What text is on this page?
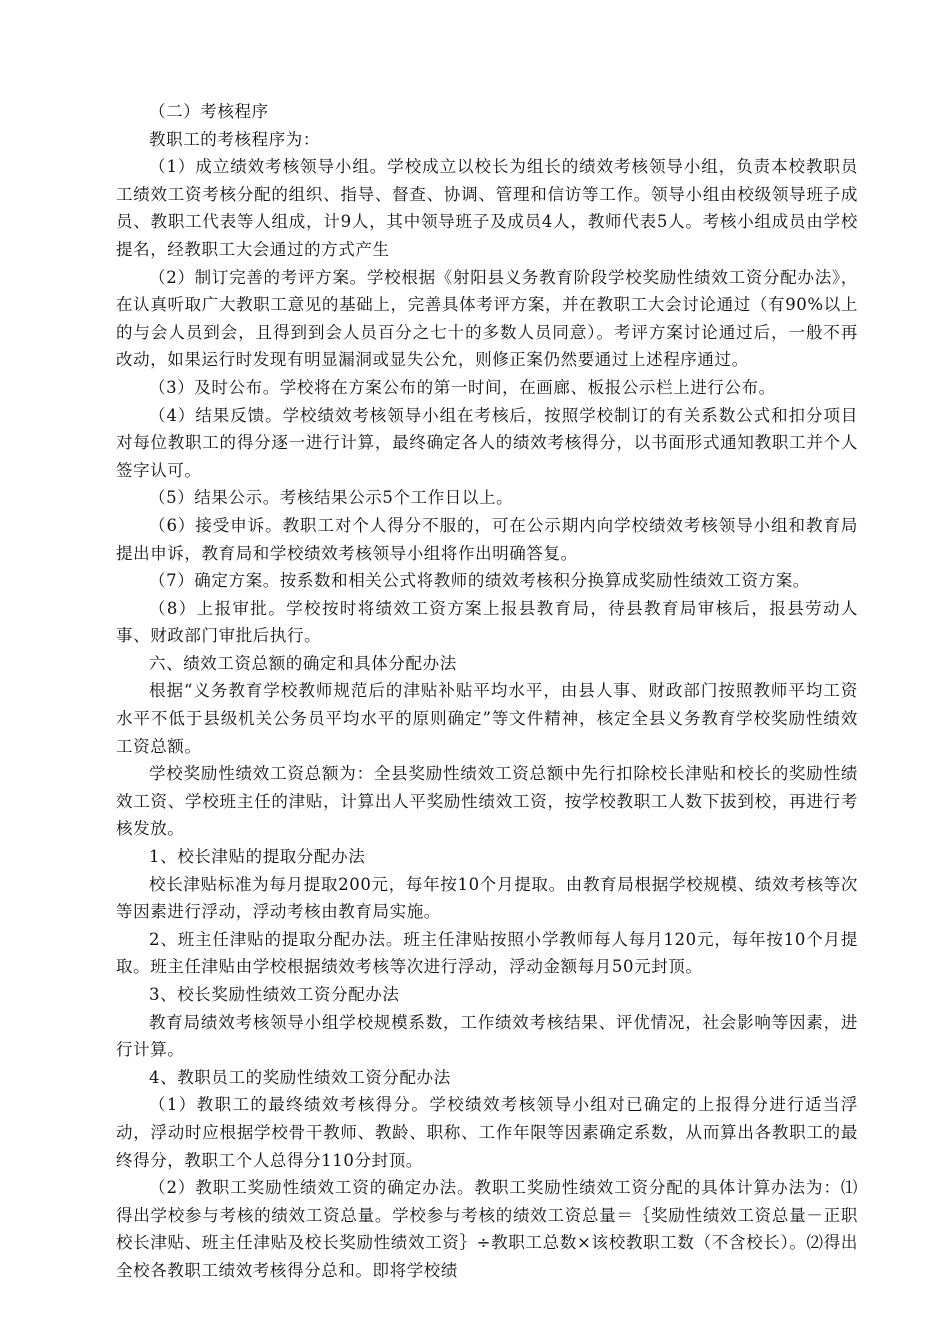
（二）考核程序

教职工的考核程序为：

（1）成立绩效考核领导小组。学校成立以校长为组长的绩效考核领导小组，负责本校教职员工绩效工资考核分配的组织、指导、督查、协调、管理和信访等工作。领导小组由校级领导班子成员、教职工代表等人组成，计9人，其中领导班子及成员4人，教师代表5人。考核小组成员由学校提名，经教职工大会通过的方式产生

（2）制订完善的考评方案。学校根据《射阳县义务教育阶段学校奖励性绩效工资分配办法》，在认真听取广大教职工意见的基础上，完善具体考评方案，并在教职工大会讨论通过（有90%以上的与会人员到会，且得到到会人员百分之七十的多数人员同意）。考评方案讨论通过后，一般不再改动，如果运行时发现有明显漏洞或显失公允，则修正案仍然要通过上述程序通过。

（3）及时公布。学校将在方案公布的第一时间，在画廊、板报公示栏上进行公布。

（4）结果反馈。学校绩效考核领导小组在考核后，按照学校制订的有关系数公式和扣分项目对每位教职工的得分逐一进行计算，最终确定各人的绩效考核得分，以书面形式通知教职工并个人签字认可。

（5）结果公示。考核结果公示5个工作日以上。

（6）接受申诉。教职工对个人得分不服的，可在公示期内向学校绩效考核领导小组和教育局提出申诉，教育局和学校绩效考核领导小组将作出明确答复。

（7）确定方案。按系数和相关公式将教师的绩效考核积分换算成奖励性绩效工资方案。

（8）上报审批。学校按时将绩效工资方案上报县教育局，待县教育局审核后，报县劳动人事、财政部门审批后执行。

六、绩效工资总额的确定和具体分配办法

根据“义务教育学校教师规范后的津贴补贴平均水平，由县人事、财政部门按照教师平均工资水平不低于县级机关公务员平均水平的原则确定”等文件精神，核定全县义务教育学校奖励性绩效工资总额。

学校奖励性绩效工资总额为：全县奖励性绩效工资总额中先行扣除校长津贴和校长的奖励性绩效工资、学校班主任的津贴，计算出人平奖励性绩效工资，按学校教职工人数下拔到校，再进行考核发放。

1、校长津贴的提取分配办法

校长津贴标准为每月提取200元，每年按10个月提取。由教育局根据学校规模、绩效考核等次等因素进行浮动，浮动考核由教育局实施。

2、班主任津贴的提取分配办法。班主任津贴按照小学教师每人每月120元，每年按10个月提取。班主任津贴由学校根据绩效考核等次进行浮动，浮动金额每月50元封顶。

3、校长奖励性绩效工资分配办法

教育局绩效考核领导小组学校规模系数，工作绩效考核结果、评优情况，社会影响等因素，进行计算。

4、教职员工的奖励性绩效工资分配办法

（1）教职工的最终绩效考核得分。学校绩效考核领导小组对已确定的上报得分进行适当浮动，浮动时应根据学校骨干教师、教龄、职称、工作年限等因素确定系数，从而算出各教职工的最终得分，教职工个人总得分110分封顶。

（2）教职工奖励性绩效工资的确定办法。教职工奖励性绩效工资分配的具体计算办法为：⑴得出学校参与考核的绩效工资总量。学校参与考核的绩效工资总量＝｛奖励性绩效工资总量－正职校长津贴、班主任津贴及校长奖励性绩效工资｝÷教职工总数×该校教职工数（不含校长）。⑵得出全校各教职工绩效考核得分总和。即将学校绩
